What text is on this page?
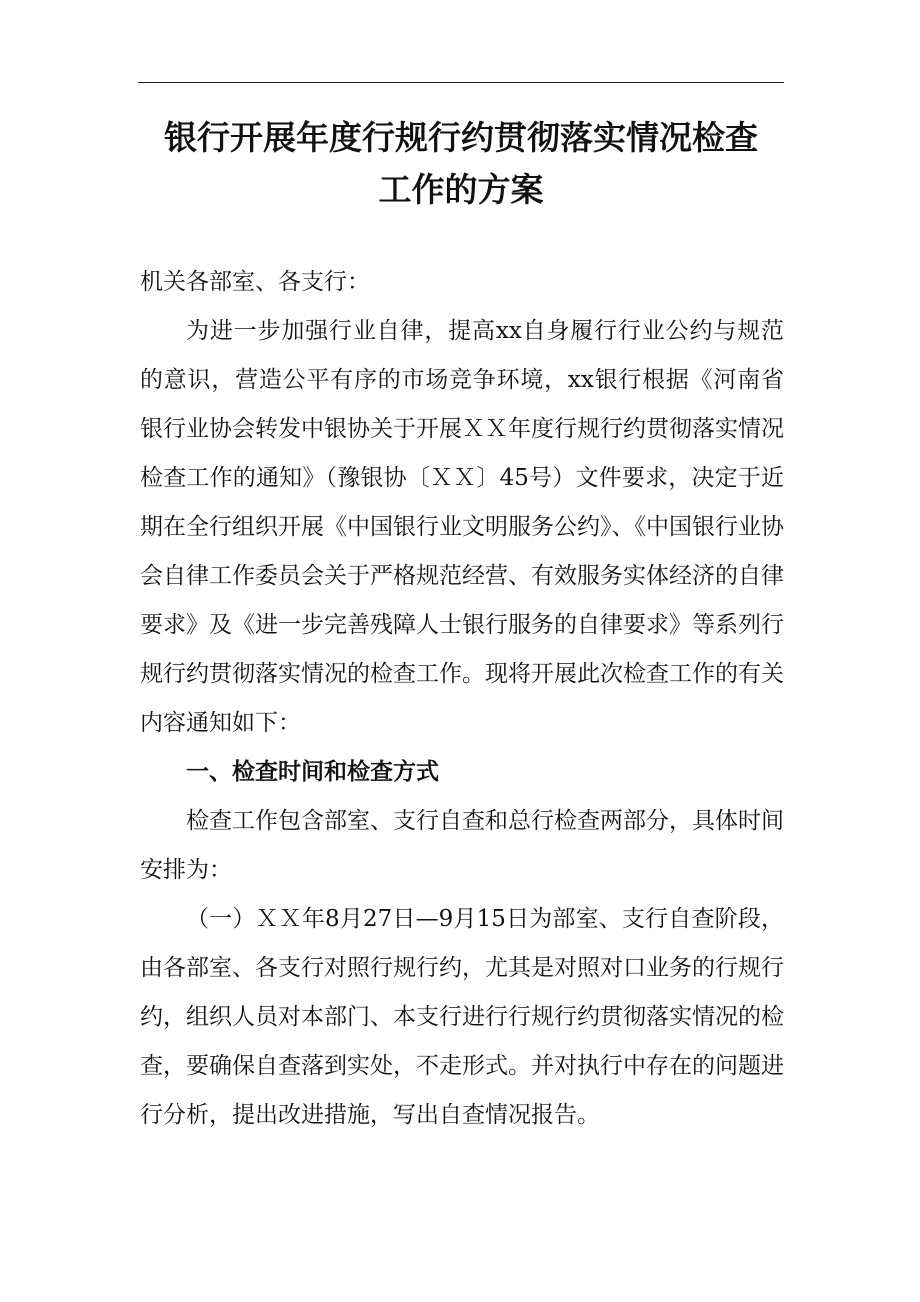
银行开展年度行规行约贯彻落实情况检查
工作的方案

机关各部室、各支行：

为进一步加强行业自律，提高xx自身履行行业公约与规范的意识，营造公平有序的市场竞争环境，xx银行根据《河南省银行业协会转发中银协关于开展ＸＸ年度行规行约贯彻落实情况检查工作的通知》（豫银协〔ＸＸ〕45号）文件要求，决定于近期在全行组织开展《中国银行业文明服务公约》、《中国银行业协会自律工作委员会关于严格规范经营、有效服务实体经济的自律要求》及《进一步完善残障人士银行服务的自律要求》等系列行规行约贯彻落实情况的检查工作。现将开展此次检查工作的有关内容通知如下：

一、检查时间和检查方式

检查工作包含部室、支行自查和总行检查两部分，具体时间安排为：

（一）ＸＸ年8月27日—9月15日为部室、支行自查阶段，由各部室、各支行对照行规行约，尤其是对照对口业务的行规行约，组织人员对本部门、本支行进行行规行约贯彻落实情况的检查，要确保自查落到实处，不走形式。并对执行中存在的问题进行分析，提出改进措施，写出自查情况报告。
